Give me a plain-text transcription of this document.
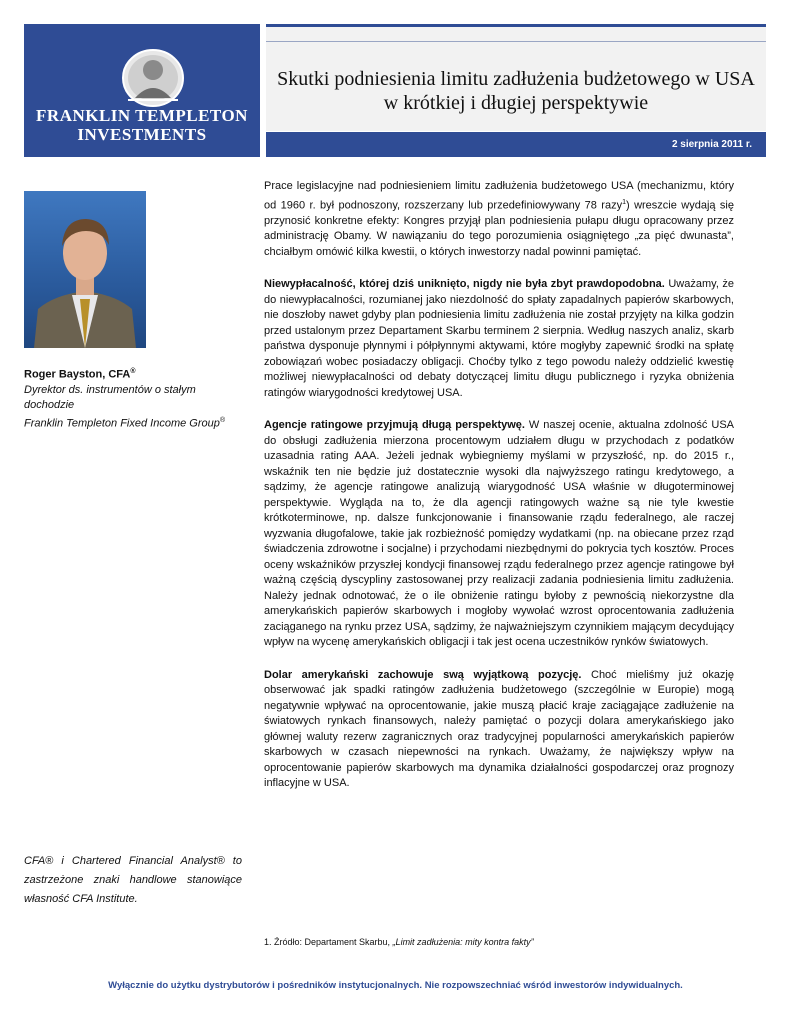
FRANKLIN TEMPLETON
INVESTMENTS
Skutki podniesienia limitu zadłużenia budżetowego w USA
w krótkiej i długiej perspektywie
2 sierpnia 2011 r.
Roger Bayston, CFA®
Dyrektor ds. instrumentów o stałym
dochodzie
Franklin Templeton Fixed Income Group®
CFA® i Chartered Financial Analyst® to zastrzeżone znaki handlowe stanowiące własność CFA Institute.

Prace legislacyjne nad podniesieniem limitu zadłużenia budżetowego USA (mechanizmu, który od 1960 r. był podnoszony, rozszerzany lub przedefiniowywany 78 razy$^1$) wreszcie wydają się przynosić konkretne efekty: Kongres przyjął plan podniesienia pułapu długu opracowany przez administrację Obamy. W nawiązaniu do tego porozumienia osiągniętego „za pięć dwunasta”, chciałbym omówić kilka kwestii, o których inwestorzy nadal powinni pamiętać.

Niewypłacalność, której dziś uniknięto, nigdy nie była zbyt prawdopodobna. Uważamy, że do niewypłacalności, rozumianej jako niezdolność do spłaty zapadalnych papierów skarbowych, nie doszłoby nawet gdyby plan podniesienia limitu zadłużenia nie został przyjęty na kilka godzin przed ustalonym przez Departament Skarbu terminem 2 sierpnia. Według naszych analiz, skarb państwa dysponuje płynnymi i półpłynnymi aktywami, które mogłyby zapewnić środki na spłatę zobowiązań wobec posiadaczy obligacji. Choćby tylko z tego powodu należy oddzielić kwestię możliwej niewypłacalności od debaty dotyczącej limitu długu publicznego i ryzyka obniżenia ratingów wiarygodności kredytowej USA.

Agencje ratingowe przyjmują długą perspektywę. W naszej ocenie, aktualna zdolność USA do obsługi zadłużenia mierzona procentowym udziałem długu w przychodach z podatków uzasadnia rating AAA. Jeżeli jednak wybiegniemy myślami w przyszłość, np. do 2015 r., wskaźnik ten nie będzie już dostatecznie wysoki dla najwyższego ratingu kredytowego, a sądzimy, że agencje ratingowe analizują wiarygodność USA właśnie w długoterminowej perspektywie. Wygląda na to, że dla agencji ratingowych ważne są nie tyle kwestie krótkoterminowe, np. dalsze funkcjonowanie i finansowanie rządu federalnego, ale raczej wyzwania długofalowe, takie jak rozbieżność pomiędzy wydatkami (np. na obiecane przez rząd świadczenia zdrowotne i socjalne) i przychodami niezbędnymi do pokrycia tych kosztów. Proces oceny wskaźników przyszłej kondycji finansowej rządu federalnego przez agencje ratingowe był ważną częścią dyscypliny zastosowanej przy realizacji zadania podniesienia limitu zadłużenia. Należy jednak odnotować, że o ile obniżenie ratingu byłoby z pewnością niekorzystne dla amerykańskich papierów skarbowych i mogłoby wywołać wzrost oprocentowania zadłużenia zaciąganego na rynku przez USA, sądzimy, że najważniejszym czynnikiem mającym decydujący wpływ na wycenę amerykańskich obligacji i tak jest ocena uczestników rynków światowych.

Dolar amerykański zachowuje swą wyjątkową pozycję. Choć mieliśmy już okazję obserwować jak spadki ratingów zadłużenia budżetowego (szczególnie w Europie) mogą negatywnie wpływać na oprocentowanie, jakie muszą płacić kraje zaciągające zadłużenie na światowych rynkach finansowych, należy pamiętać o pozycji dolara amerykańskiego jako głównej waluty rezerw zagranicznych oraz tradycyjnej popularności amerykańskich papierów skarbowych w czasach niepewności na rynkach. Uważamy, że największy wpływ na oprocentowanie papierów skarbowych ma dynamika działalności gospodarczej oraz prognozy inflacyjne w USA.

1. Źródło: Departament Skarbu, „Limit zadłużenia: mity kontra fakty”
Wyłącznie do użytku dystrybutorów i pośredników instytucjonalnych. Nie rozpowszechniać wśród inwestorów indywidualnych.
